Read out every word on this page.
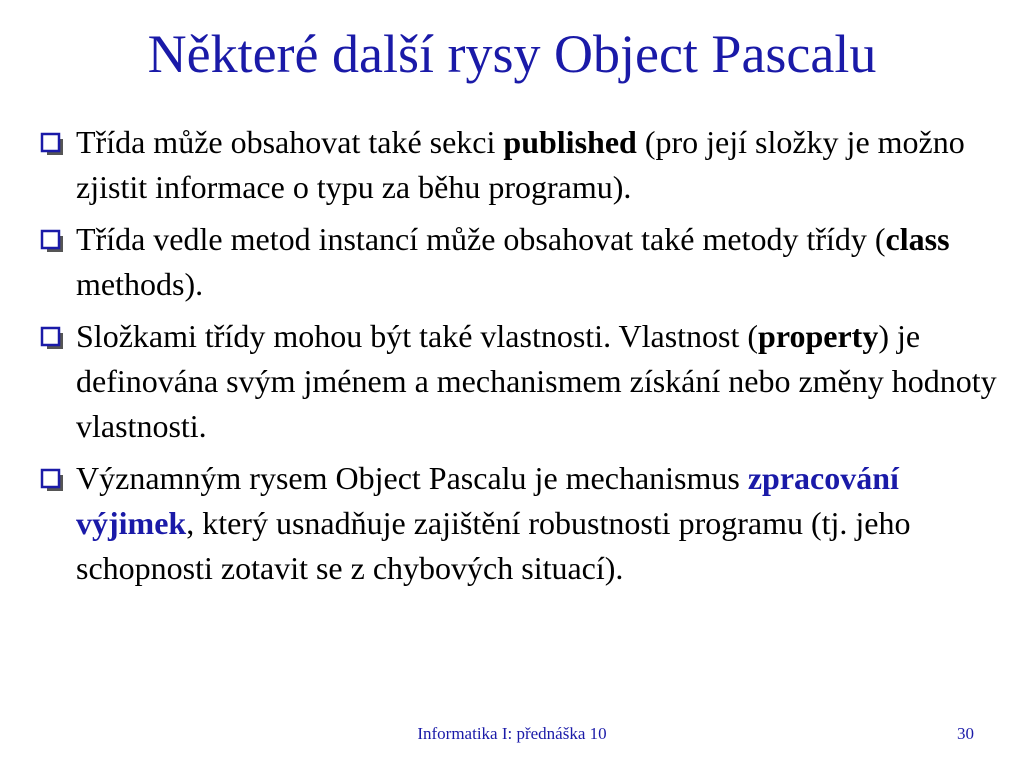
Některé další rysy Object Pascalu
Třída může obsahovat také sekci published (pro její složky je možno zjistit informace o typu za běhu programu).
Třída vedle metod instancí může obsahovat také metody třídy (class methods).
Složkami třídy mohou být také vlastnosti. Vlastnost (property) je definována svým jménem a mechanismem získání nebo změny hodnoty vlastnosti.
Významným rysem Object Pascalu je mechanismus zpracování výjimek, který usnadňuje zajištění robustnosti programu (tj. jeho schopnosti zotavit se z chybových situací).
Informatika I: přednáška 10	30
